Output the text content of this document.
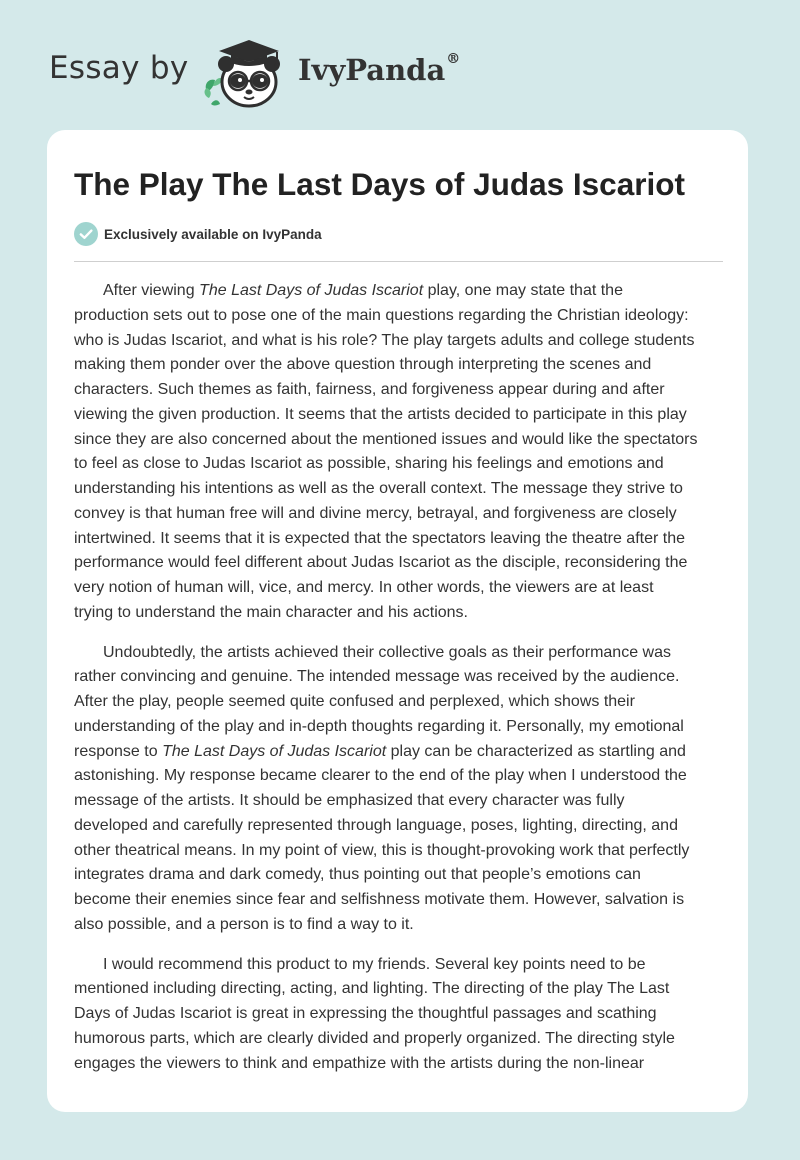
Essay by	IvyPanda®
The Play The Last Days of Judas Iscariot
Exclusively available on IvyPanda

After viewing The Last Days of Judas Iscariot play, one may state that the
production sets out to pose one of the main questions regarding the Christian ideology:
who is Judas Iscariot, and what is his role? The play targets adults and college students
making them ponder over the above question through interpreting the scenes and
characters. Such themes as faith, fairness, and forgiveness appear during and after
viewing the given production. It seems that the artists decided to participate in this play
since they are also concerned about the mentioned issues and would like the spectators
to feel as close to Judas Iscariot as possible, sharing his feelings and emotions and
understanding his intentions as well as the overall context. The message they strive to
convey is that human free will and divine mercy, betrayal, and forgiveness are closely
intertwined. It seems that it is expected that the spectators leaving the theatre after the
performance would feel different about Judas Iscariot as the disciple, reconsidering the
very notion of human will, vice, and mercy. In other words, the viewers are at least
trying to understand the main character and his actions.

Undoubtedly, the artists achieved their collective goals as their performance was
rather convincing and genuine. The intended message was received by the audience.
After the play, people seemed quite confused and perplexed, which shows their
understanding of the play and in-depth thoughts regarding it. Personally, my emotional
response to The Last Days of Judas Iscariot play can be characterized as startling and
astonishing. My response became clearer to the end of the play when I understood the
message of the artists. It should be emphasized that every character was fully
developed and carefully represented through language, poses, lighting, directing, and
other theatrical means. In my point of view, this is thought-provoking work that perfectly
integrates drama and dark comedy, thus pointing out that people’s emotions can
become their enemies since fear and selfishness motivate them. However, salvation is
also possible, and a person is to find a way to it.

I would recommend this product to my friends. Several key points need to be
mentioned including directing, acting, and lighting. The directing of the play The Last
Days of Judas Iscariot is great in expressing the thoughtful passages and scathing
humorous parts, which are clearly divided and properly organized. The directing style
engages the viewers to think and empathize with the artists during the non-linear
